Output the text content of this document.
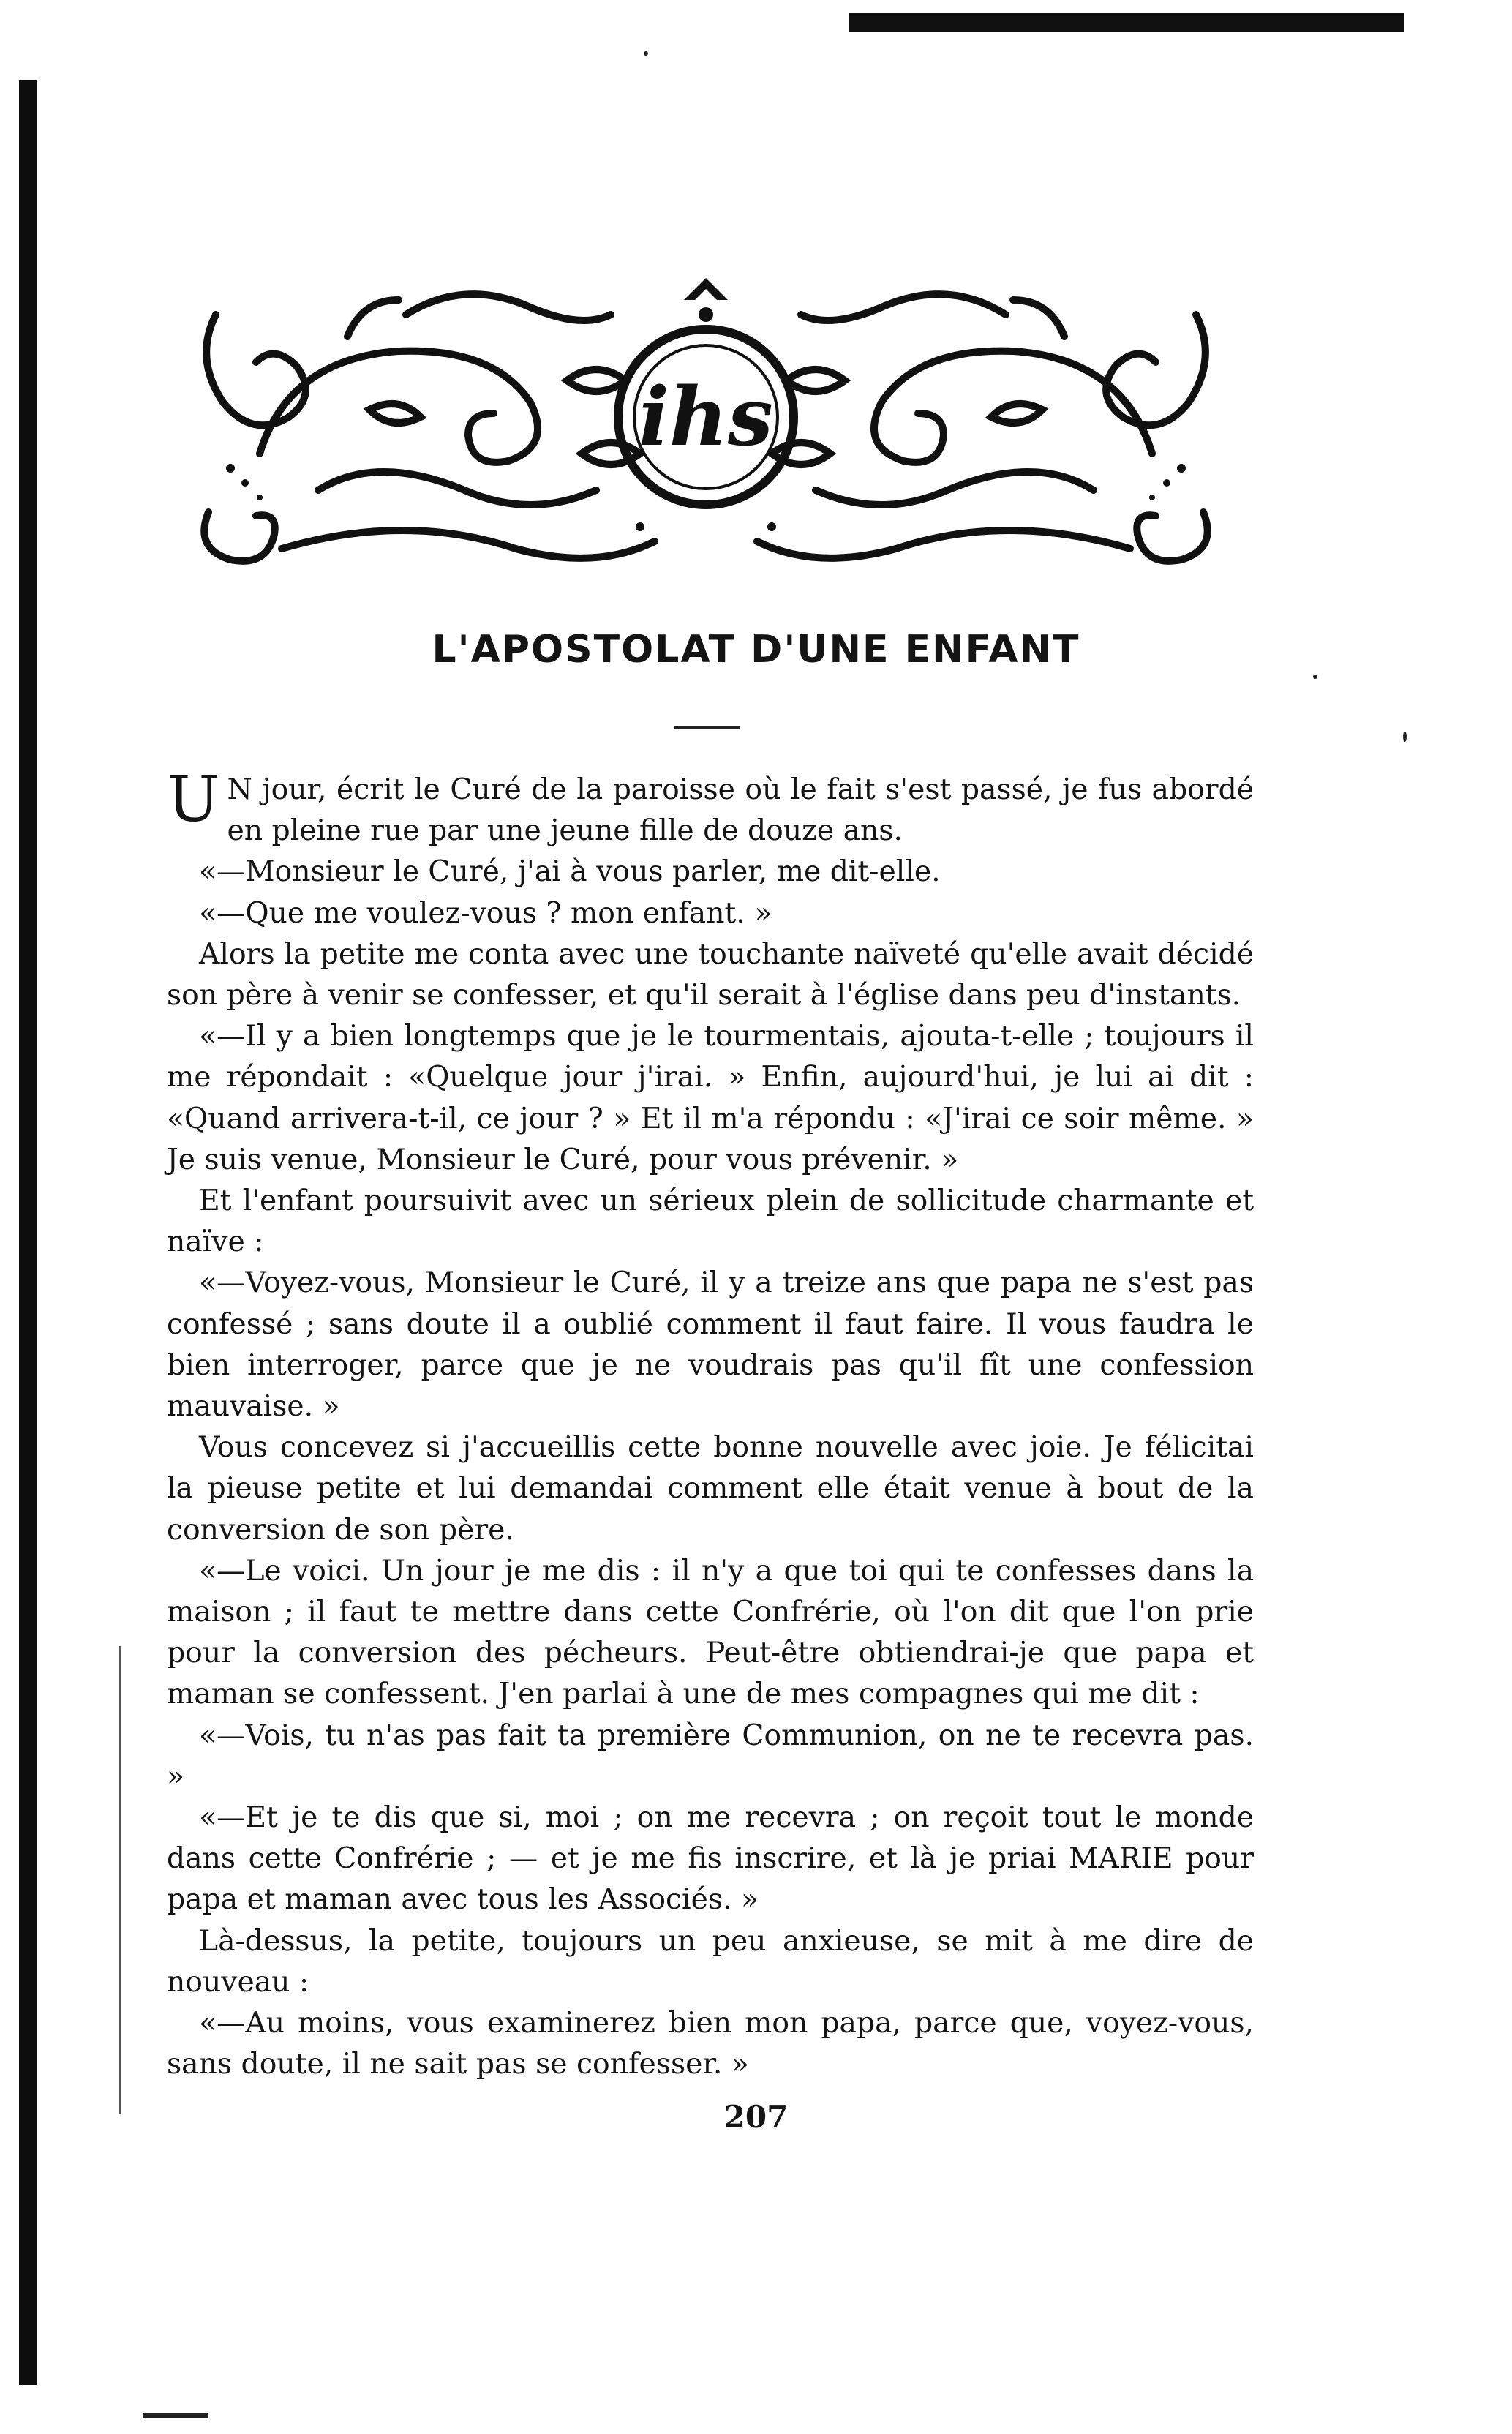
ihs
L'APOSTOLAT D'UNE ENFANT

U N jour, écrit le Curé de la paroisse où le fait s'est passé, je fus abordé en pleine rue par une jeune fille de douze ans.

«—Monsieur le Curé, j'ai à vous parler, me dit-elle.

«—Que me voulez-vous ? mon enfant. »

Alors la petite me conta avec une touchante naïveté qu'elle avait décidé son père à venir se confesser, et qu'il serait à l'église dans peu d'instants.

«—Il y a bien longtemps que je le tourmentais, ajouta-t-elle ; toujours il me répondait : «Quelque jour j'irai. » Enfin, aujourd'hui, je lui ai dit : «Quand arrivera-t-il, ce jour ? » Et il m'a répondu : «J'irai ce soir même. » Je suis venue, Monsieur le Curé, pour vous prévenir. »

Et l'enfant poursuivit avec un sérieux plein de sollicitude charmante et naïve :

«—Voyez-vous, Monsieur le Curé, il y a treize ans que papa ne s'est pas confessé ; sans doute il a oublié comment il faut faire. Il vous faudra le bien interroger, parce que je ne voudrais pas qu'il fît une confession mauvaise. »

Vous concevez si j'accueillis cette bonne nouvelle avec joie. Je félicitai la pieuse petite et lui demandai comment elle était venue à bout de la conversion de son père.

«—Le voici. Un jour je me dis : il n'y a que toi qui te confesses dans la maison ; il faut te mettre dans cette Confrérie, où l'on dit que l'on prie pour la conversion des pécheurs. Peut-être obtiendrai-je que papa et maman se confessent. J'en parlai à une de mes compagnes qui me dit :

«—Vois, tu n'as pas fait ta première Communion, on ne te recevra pas. »

«—Et je te dis que si, moi ; on me recevra ; on reçoit tout le monde dans cette Confrérie ; — et je me fis inscrire, et là je priai MARIE pour papa et maman avec tous les Associés. »

Là-dessus, la petite, toujours un peu anxieuse, se mit à me dire de nouveau :

«—Au moins, vous examinerez bien mon papa, parce que, voyez-vous, sans doute, il ne sait pas se confesser. »

207
